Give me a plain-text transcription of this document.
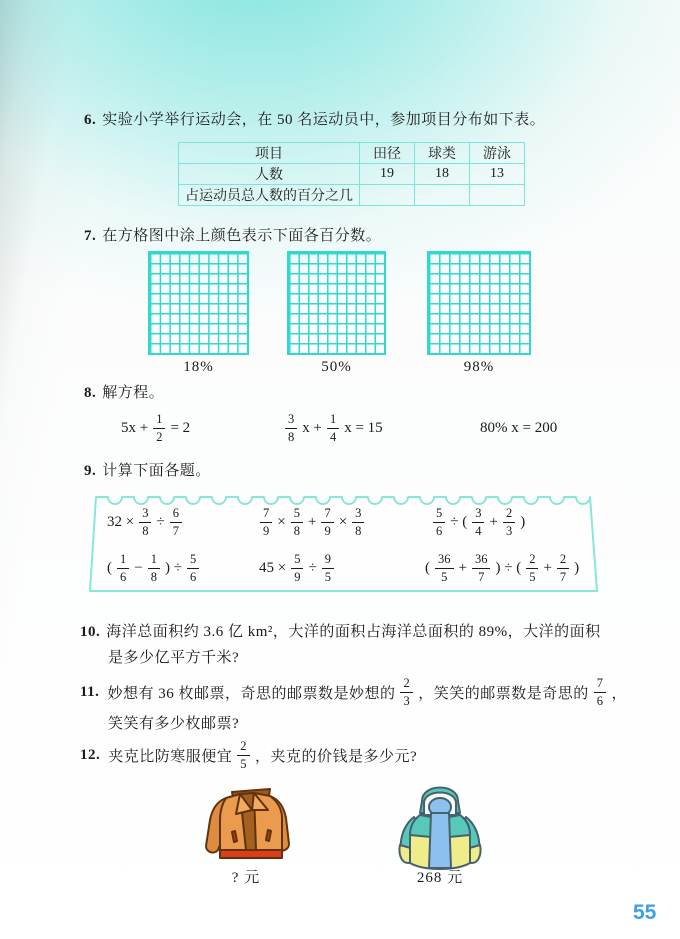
6. 实验小学举行运动会，在 50 名运动员中，参加项目分布如下表。
项目	田径	球类	游泳
人数	19	18	13
占运动员总人数的百分之几			
7. 在方格图中涂上颜色表示下面各百分数。
18%	50%	98%
8. 解方程。
$5x + \frac{1}{2} = 2$	$\frac{3}{8}$ $x + \frac{1}{4}$ x = 15	80% x = 200
9. 计算下面各题。
$32 \times \frac{3}{8} \div \frac{6}{7}$	$\frac{7}{9} \times \frac{5}{8} + \frac{7}{9} \times \frac{3}{8}$	$\frac{5}{6}$ ÷ ( $\frac{3}{4} + \frac{2}{3}$ )
( $\frac{1}{6} - \frac{1}{8}$ ) ÷ $\frac{5}{6}$	$45 \times \frac{5}{9} \div \frac{9}{5}$	( $\frac{36}{5} + \frac{36}{7}$ ) ÷ ( $\frac{2}{5} + \frac{2}{7}$ )
10. 海洋总面积约 3.6 亿 km²，大洋的面积占海洋总面积的 89%，大洋的面积
是多少亿平方千米?
11. 妙想有 36 枚邮票，奇思的邮票数是妙想的 $\frac{2}{3}$ ，笑笑的邮票数是奇思的 $\frac{7}{6}$ ，
笑笑有多少枚邮票?
12. 夹克比防寒服便宜 $\frac{2}{5}$ ，夹克的价钱是多少元?
? 元	268 元
55
